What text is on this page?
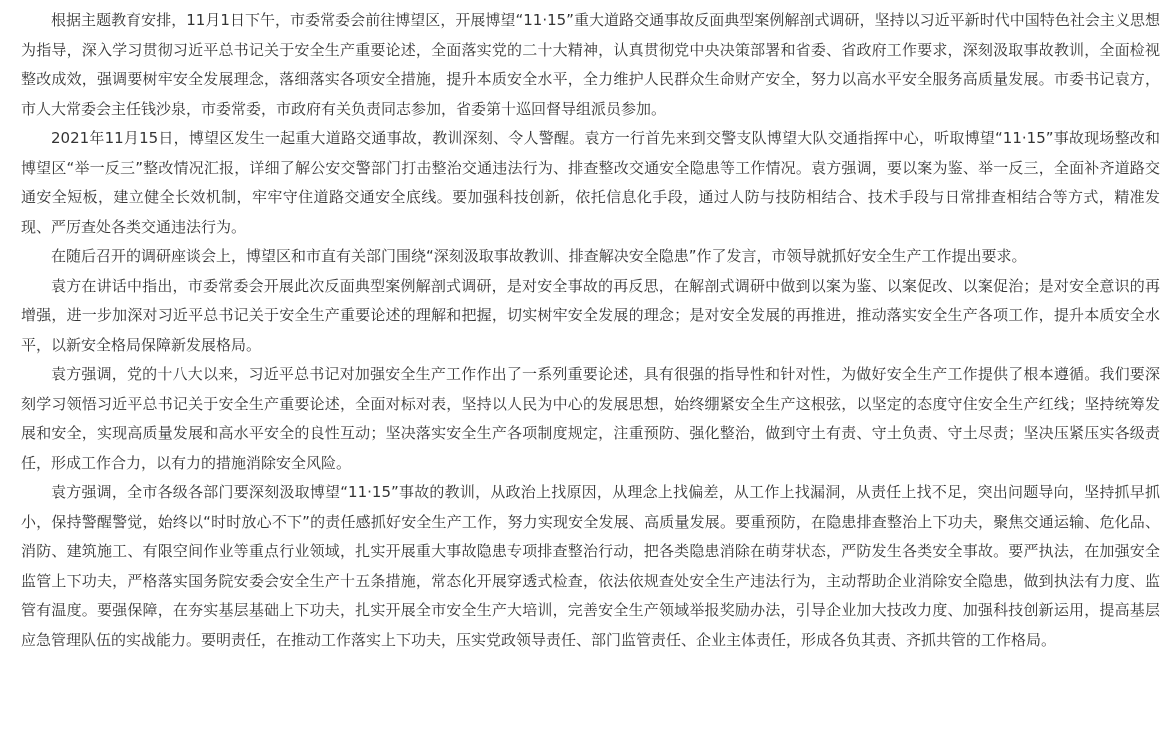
根据主题教育安排，11月1日下午，市委常委会前往博望区，开展博望“11·15”重大道路交通事故反面典型案例解剖式调研，坚持以习近平新时代中国特色社会主义思想为指导，深入学习贯彻习近平总书记关于安全生产重要论述，全面落实党的二十大精神，认真贯彻党中央决策部署和省委、省政府工作要求，深刻汲取事故教训，全面检视整改成效，强调要树牢安全发展理念，落细落实各项安全措施，提升本质安全水平，全力维护人民群众生命财产安全，努力以高水平安全服务高质量发展。市委书记袁方，市人大常委会主任钱沙泉，市委常委，市政府有关负责同志参加，省委第十巡回督导组派员参加。

2021年11月15日，博望区发生一起重大道路交通事故，教训深刻、令人警醒。袁方一行首先来到交警支队博望大队交通指挥中心，听取博望“11·15”事故现场整改和博望区“举一反三”整改情况汇报，详细了解公安交警部门打击整治交通违法行为、排查整改交通安全隐患等工作情况。袁方强调，要以案为鉴、举一反三，全面补齐道路交通安全短板，建立健全长效机制，牢牢守住道路交通安全底线。要加强科技创新，依托信息化手段，通过人防与技防相结合、技术手段与日常排查相结合等方式，精准发现、严厉查处各类交通违法行为。

在随后召开的调研座谈会上，博望区和市直有关部门围绕“深刻汲取事故教训、排查解决安全隐患”作了发言，市领导就抓好安全生产工作提出要求。

袁方在讲话中指出，市委常委会开展此次反面典型案例解剖式调研，是对安全事故的再反思，在解剖式调研中做到以案为鉴、以案促改、以案促治；是对安全意识的再增强，进一步加深对习近平总书记关于安全生产重要论述的理解和把握，切实树牢安全发展的理念；是对安全发展的再推进，推动落实安全生产各项工作，提升本质安全水平，以新安全格局保障新发展格局。

袁方强调，党的十八大以来，习近平总书记对加强安全生产工作作出了一系列重要论述，具有很强的指导性和针对性，为做好安全生产工作提供了根本遵循。我们要深刻学习领悟习近平总书记关于安全生产重要论述，全面对标对表，坚持以人民为中心的发展思想，始终绷紧安全生产这根弦，以坚定的态度守住安全生产红线；坚持统筹发展和安全，实现高质量发展和高水平安全的良性互动；坚决落实安全生产各项制度规定，注重预防、强化整治，做到守土有责、守土负责、守土尽责；坚决压紧压实各级责任，形成工作合力，以有力的措施消除安全风险。

袁方强调，全市各级各部门要深刻汲取博望“11·15”事故的教训，从政治上找原因，从理念上找偏差，从工作上找漏洞，从责任上找不足，突出问题导向，坚持抓早抓小，保持警醒警觉，始终以“时时放心不下”的责任感抓好安全生产工作，努力实现安全发展、高质量发展。要重预防，在隐患排查整治上下功夫，聚焦交通运输、危化品、消防、建筑施工、有限空间作业等重点行业领域，扎实开展重大事故隐患专项排查整治行动，把各类隐患消除在萌芽状态，严防发生各类安全事故。要严执法，在加强安全监管上下功夫，严格落实国务院安委会安全生产十五条措施，常态化开展穿透式检查，依法依规查处安全生产违法行为，主动帮助企业消除安全隐患，做到执法有力度、监管有温度。要强保障，在夯实基层基础上下功夫，扎实开展全市安全生产大培训，完善安全生产领域举报奖励办法，引导企业加大技改力度、加强科技创新运用，提高基层应急管理队伍的实战能力。要明责任，在推动工作落实上下功夫，压实党政领导责任、部门监管责任、企业主体责任，形成各负其责、齐抓共管的工作格局。
